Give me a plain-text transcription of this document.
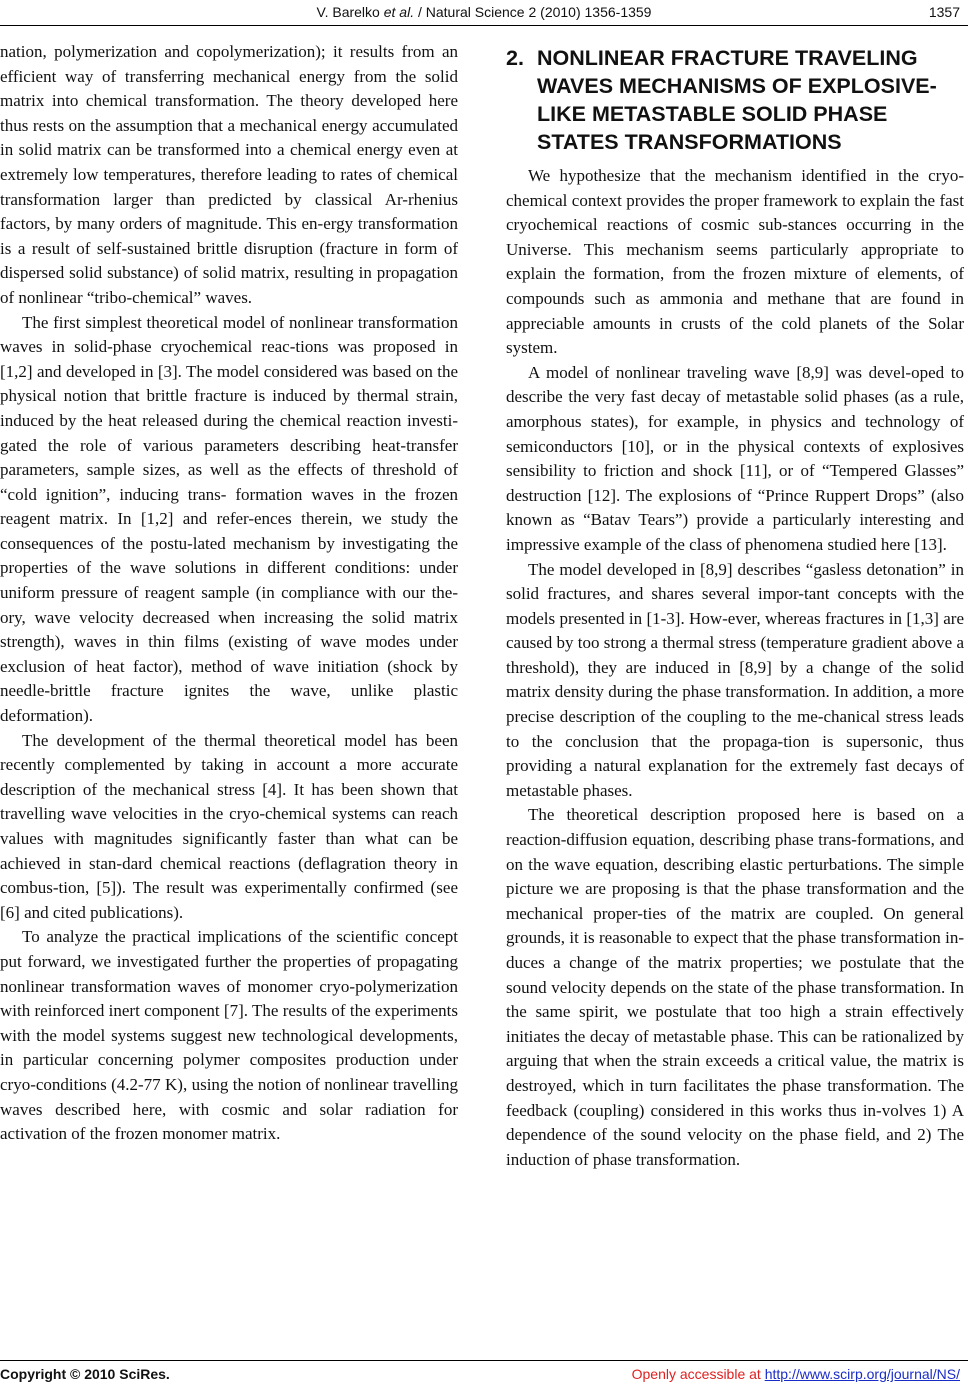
V. Barelko et al. / Natural Science 2 (2010) 1356-1359	1357

nation, polymerization and copolymerization); it results from an efficient way of transferring mechanical energy from the solid matrix into chemical transformation. The theory developed here thus rests on the assumption that a mechanical energy accumulated in solid matrix can be transformed into a chemical energy even at extremely low temperatures, therefore leading to rates of chemical transformation larger than predicted by classical Ar-rhenius factors, by many orders of magnitude. This en-ergy transformation is a result of self-sustained brittle disruption (fracture in form of dispersed solid substance) of solid matrix, resulting in propagation of nonlinear “tribo-chemical” waves.

The first simplest theoretical model of nonlinear transformation waves in solid-phase cryochemical reac-tions was proposed in [1,2] and developed in [3]. The model considered was based on the physical notion that brittle fracture is induced by thermal strain, induced by the heat released during the chemical reaction investi-gated the role of various parameters describing heat-transfer parameters, sample sizes, as well as the effects of threshold of “cold ignition”, inducing trans- formation waves in the frozen reagent matrix. In [1,2] and refer-ences therein, we study the consequences of the postu-lated mechanism by investigating the properties of the wave solutions in different conditions: under uniform pressure of reagent sample (in compliance with our the-ory, wave velocity decreased when increasing the solid matrix strength), waves in thin films (existing of wave modes under exclusion of heat factor), method of wave initiation (shock by needle-brittle fracture ignites the wave, unlike plastic deformation).

The development of the thermal theoretical model has been recently complemented by taking in account a more accurate description of the mechanical stress [4]. It has been shown that travelling wave velocities in the cryo-chemical systems can reach values with magnitudes significantly faster than what can be achieved in stan-dard chemical reactions (deflagration theory in combus-tion, [5]). The result was experimentally confirmed (see [6] and cited publications).

To analyze the practical implications of the scientific concept put forward, we investigated further the properties of propagating nonlinear transformation waves of monomer cryo-polymerization with reinforced inert component [7]. The results of the experiments with the model systems suggest new technological developments, in particular concerning polymer composites production under cryo-conditions (4.2-77 K), using the notion of nonlinear travelling waves described here, with cosmic and solar radiation for activation of the frozen monomer matrix.

2. NONLINEAR FRACTURE TRAVELING WAVES MECHANISMS OF EXPLOSIVE-LIKE METASTABLE SOLID PHASE STATES TRANSFORMATIONS

We hypothesize that the mechanism identified in the cryo-chemical context provides the proper framework to explain the fast cryochemical reactions of cosmic sub-stances occurring in the Universe. This mechanism seems particularly appropriate to explain the formation, from the frozen mixture of elements, of compounds such as ammonia and methane that are found in appreciable amounts in crusts of the cold planets of the Solar system.

A model of nonlinear traveling wave [8,9] was devel-oped to describe the very fast decay of metastable solid phases (as a rule, amorphous states), for example, in physics and technology of semiconductors [10], or in the physical contexts of explosives sensibility to friction and shock [11], or of “Tempered Glasses” destruction [12]. The explosions of “Prince Ruppert Drops” (also known as “Batav Tears”) provide a particularly interesting and impressive example of the class of phenomena studied here [13].

The model developed in [8,9] describes “gasless detonation” in solid fractures, and shares several impor-tant concepts with the models presented in [1-3]. How-ever, whereas fractures in [1,3] are caused by too strong a thermal stress (temperature gradient above a threshold), they are induced in [8,9] by a change of the solid matrix density during the phase transformation. In addition, a more precise description of the coupling to the me-chanical stress leads to the conclusion that the propaga-tion is supersonic, thus providing a natural explanation for the extremely fast decays of metastable phases.

The theoretical description proposed here is based on a reaction-diffusion equation, describing phase trans-formations, and on the wave equation, describing elastic perturbations. The simple picture we are proposing is that the phase transformation and the mechanical proper-ties of the matrix are coupled. On general grounds, it is reasonable to expect that the phase transformation in-duces a change of the matrix properties; we postulate that the sound velocity depends on the state of the phase transformation. In the same spirit, we postulate that too high a strain effectively initiates the decay of metastable phase. This can be rationalized by arguing that when the strain exceeds a critical value, the matrix is destroyed, which in turn facilitates the phase transformation. The feedback (coupling) considered in this works thus in-volves 1) A dependence of the sound velocity on the phase field, and 2) The induction of phase transformation.

Copyright © 2010 SciRes.	Openly accessible at http://www.scirp.org/journal/NS/
